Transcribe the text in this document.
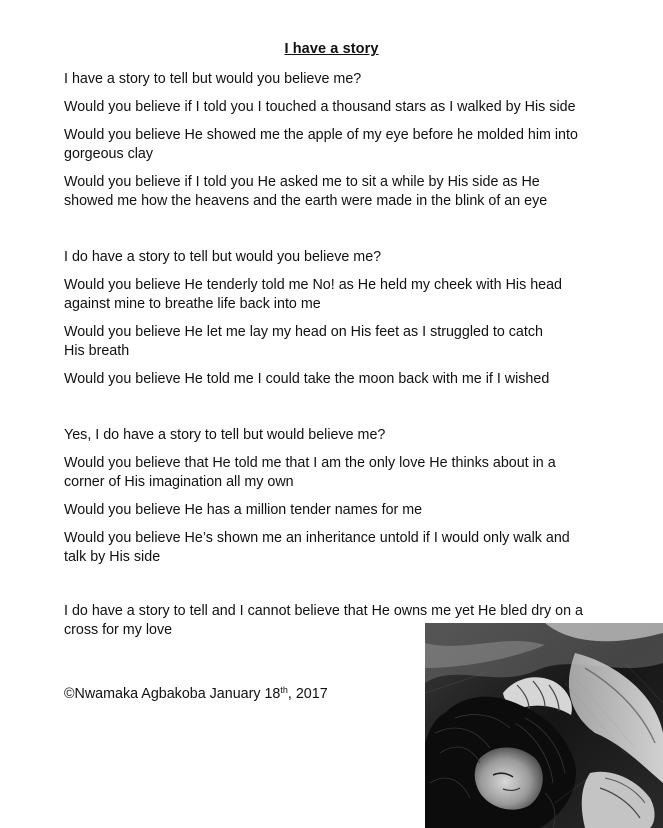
I have a story
I have a story to tell but would you believe me?
Would you believe if I told you I touched a thousand stars as I walked by His side
Would you believe He showed me the apple of my eye before he molded him into gorgeous clay
Would you believe if I told you He asked me to sit a while by His side as He showed me how the heavens and the earth were made in the blink of an eye
I do have a story to tell but would you believe me?
Would you believe He tenderly told me No! as He held my cheek with His head against mine to breathe life back into me
Would you believe He let me lay my head on His feet as I struggled to catch His breath
Would you believe He told me I could take the moon back with me if I wished
Yes, I do have a story to tell but would believe me?
Would you believe that He told me that I am the only love He thinks about in a corner of His imagination all my own
Would you believe He has a million tender names for me
Would you believe He’s shown me an inheritance untold if I would only walk and talk by His side
I do have a story to tell and I cannot believe that He owns me yet He bled dry on a cross for my love
©Nwamaka Agbakoba January 18th, 2017
